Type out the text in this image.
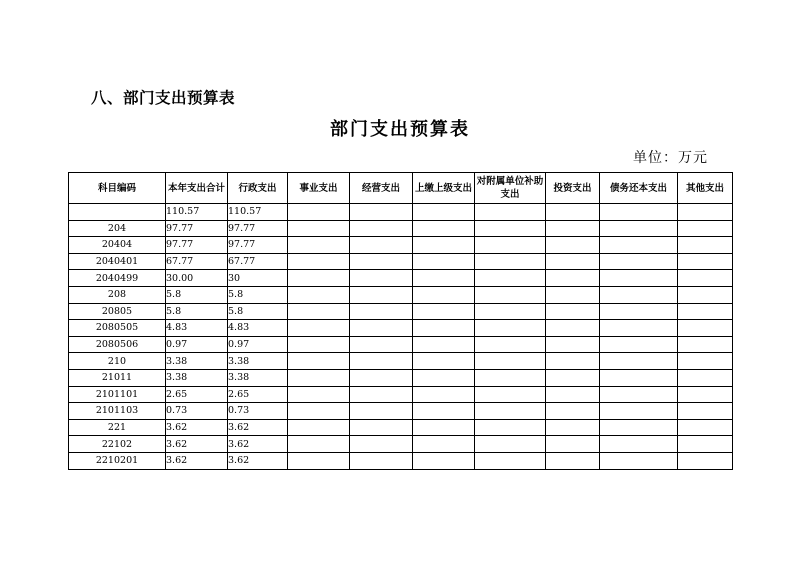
八、部门支出预算表
部门支出预算表
单位：万元
科目编码	本年支出合计	行政支出	事业支出	经营支出	上缴上级支出	对附属单位补助支出	投资支出	债务还本支出	其他支出
	110.57	110.57							
204	97.77	97.77							
20404	97.77	97.77							
2040401	67.77	67.77							
2040499	30.00	30							
208	5.8	5.8							
20805	5.8	5.8							
2080505	4.83	4.83							
2080506	0.97	0.97							
210	3.38	3.38							
21011	3.38	3.38							
2101101	2.65	2.65							
2101103	0.73	0.73							
221	3.62	3.62							
22102	3.62	3.62							
2210201	3.62	3.62							
